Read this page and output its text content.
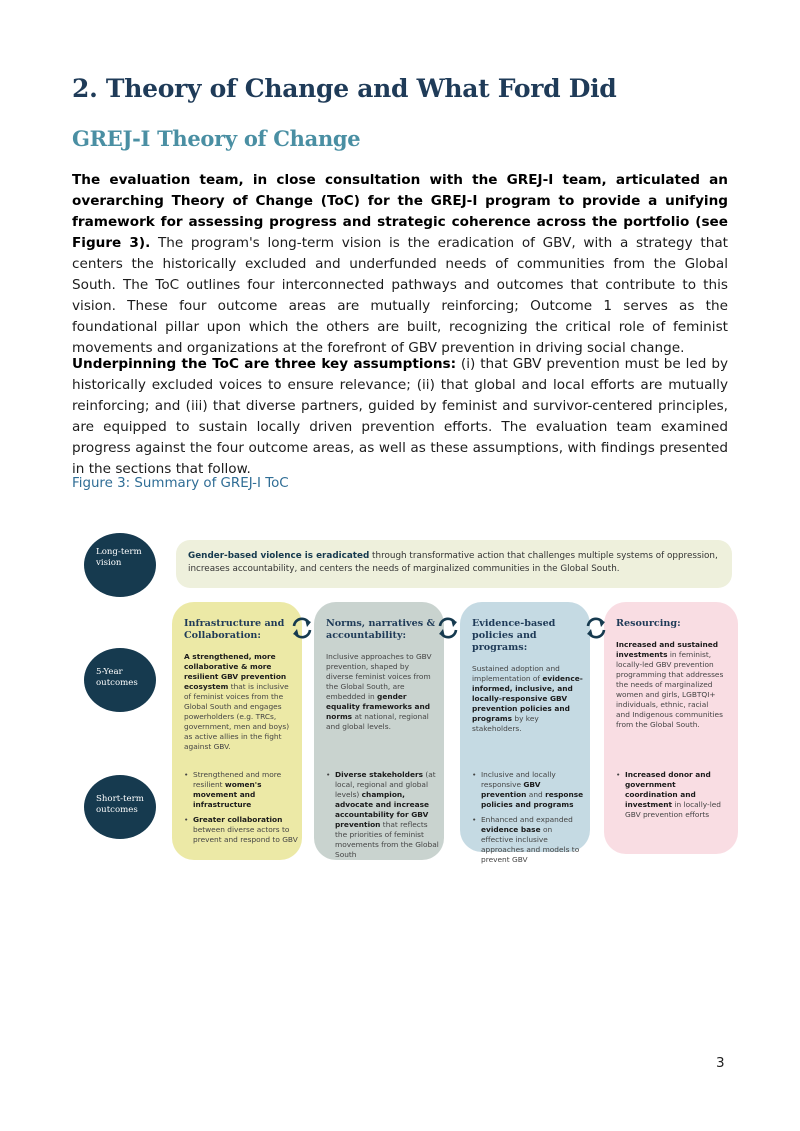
2. Theory of Change and What Ford Did
GREJ-I Theory of Change

The evaluation team, in close consultation with the GREJ-I team, articulated an overarching Theory of Change (ToC) for the GREJ-I program to provide a unifying framework for assessing progress and strategic coherence across the portfolio (see Figure 3). The program's long-term vision is the eradication of GBV, with a strategy that centers the historically excluded and underfunded needs of communities from the Global South. The ToC outlines four interconnected pathways and outcomes that contribute to this vision. These four outcome areas are mutually reinforcing; Outcome 1 serves as the foundational pillar upon which the others are built, recognizing the critical role of feminist movements and organizations at the forefront of GBV prevention in driving social change.

Underpinning the ToC are three key assumptions: (i) that GBV prevention must be led by historically excluded voices to ensure relevance; (ii) that global and local efforts are mutually reinforcing; and (iii) that diverse partners, guided by feminist and survivor-centered principles, are equipped to sustain locally driven prevention efforts. The evaluation team examined progress against the four outcome areas, as well as these assumptions, with findings presented in the sections that follow.

Figure 3: Summary of GREJ-I ToC
Long-term
vision
5-Year
outcomes
Short-term
outcomes
Gender-based violence is eradicated through transformative action that challenges multiple systems of oppression, increases accountability, and centers the needs of marginalized communities in the Global South.
Infrastructure and Collaboration:
A strengthened, more collaborative & more resilient GBV prevention ecosystem that is inclusive of feminist voices from the Global South and engages powerholders (e.g. TRCs, government, men and boys) as active allies in the fight against GBV.
• Strengthened and more resilient women's movement and infrastructure
• Greater collaboration between diverse actors to prevent and respond to GBV
Norms, narratives & accountability:
Inclusive approaches to GBV prevention, shaped by diverse feminist voices from the Global South, are embedded in gender equality frameworks and norms at national, regional and global levels.
• Diverse stakeholders (at local, regional and global levels) champion, advocate and increase accountability for GBV prevention that reflects the priorities of feminist movements from the Global South
Evidence-based policies and programs:
Sustained adoption and implementation of evidence-informed, inclusive, and locally-responsive GBV prevention policies and programs by key stakeholders.
• Inclusive and locally responsive GBV prevention and response policies and programs
• Enhanced and expanded evidence base on effective inclusive approaches and models to prevent GBV
Resourcing:
Increased and sustained investments in feminist, locally-led GBV prevention programming that addresses the needs of marginalized women and girls, LGBTQI+ individuals, ethnic, racial and Indigenous communities from the Global South.
• Increased donor and government coordination and investment in locally-led GBV prevention efforts
3
